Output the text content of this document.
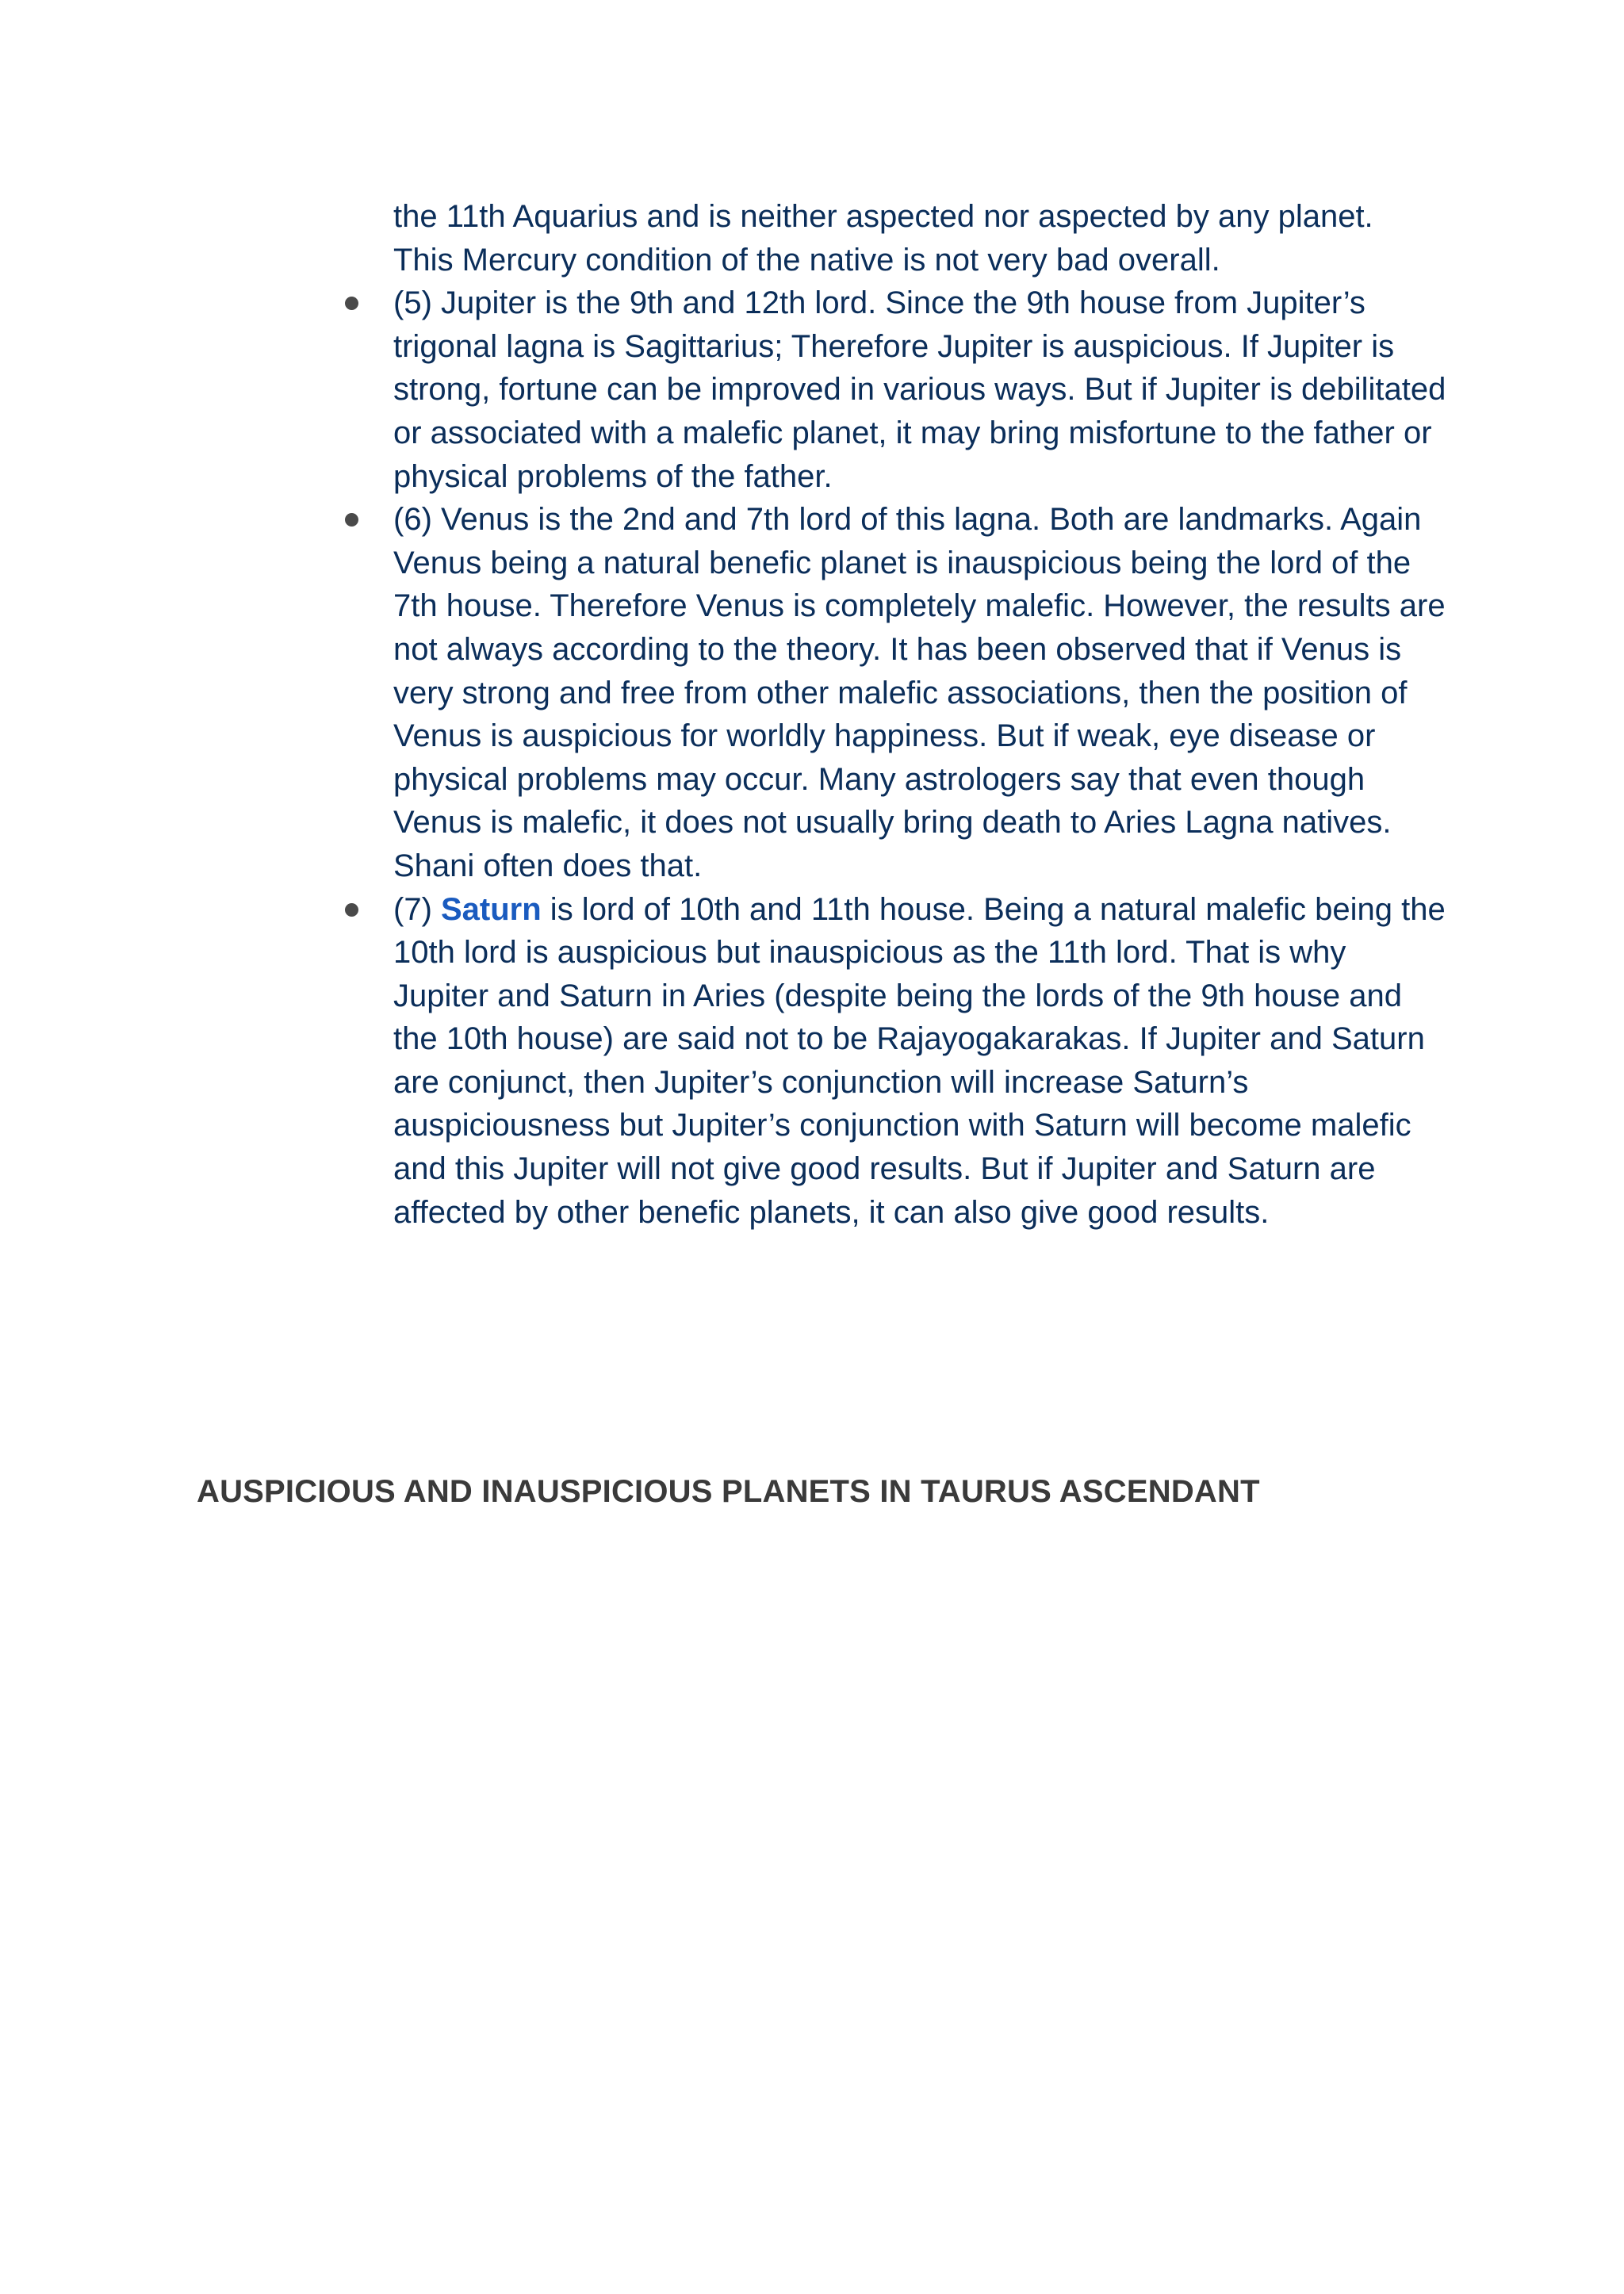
the 11th Aquarius and is neither aspected nor aspected by any planet.
This Mercury condition of the native is not very bad overall.

(5) Jupiter is the 9th and 12th lord. Since the 9th house from Jupiter’s trigonal lagna is Sagittarius; Therefore Jupiter is auspicious. If Jupiter is strong, fortune can be improved in various ways. But if Jupiter is debilitated or associated with a malefic planet, it may bring misfortune to the father or physical problems of the father.
(6) Venus is the 2nd and 7th lord of this lagna. Both are landmarks. Again Venus being a natural benefic planet is inauspicious being the lord of the 7th house. Therefore Venus is completely malefic. However, the results are not always according to the theory. It has been observed that if Venus is very strong and free from other malefic associations, then the position of Venus is auspicious for worldly happiness. But if weak, eye disease or physical problems may occur. Many astrologers say that even though Venus is malefic, it does not usually bring death to Aries Lagna natives. Shani often does that.
(7) Saturn is lord of 10th and 11th house. Being a natural malefic being the 10th lord is auspicious but inauspicious as the 11th lord. That is why Jupiter and Saturn in Aries (despite being the lords of the 9th house and the 10th house) are said not to be Rajayogakarakas. If Jupiter and Saturn are conjunct, then Jupiter’s conjunction will increase Saturn’s auspiciousness but Jupiter’s conjunction with Saturn will become malefic and this Jupiter will not give good results. But if Jupiter and Saturn are affected by other benefic planets, it can also give good results.
AUSPICIOUS AND INAUSPICIOUS PLANETS IN TAURUS ASCENDANT
